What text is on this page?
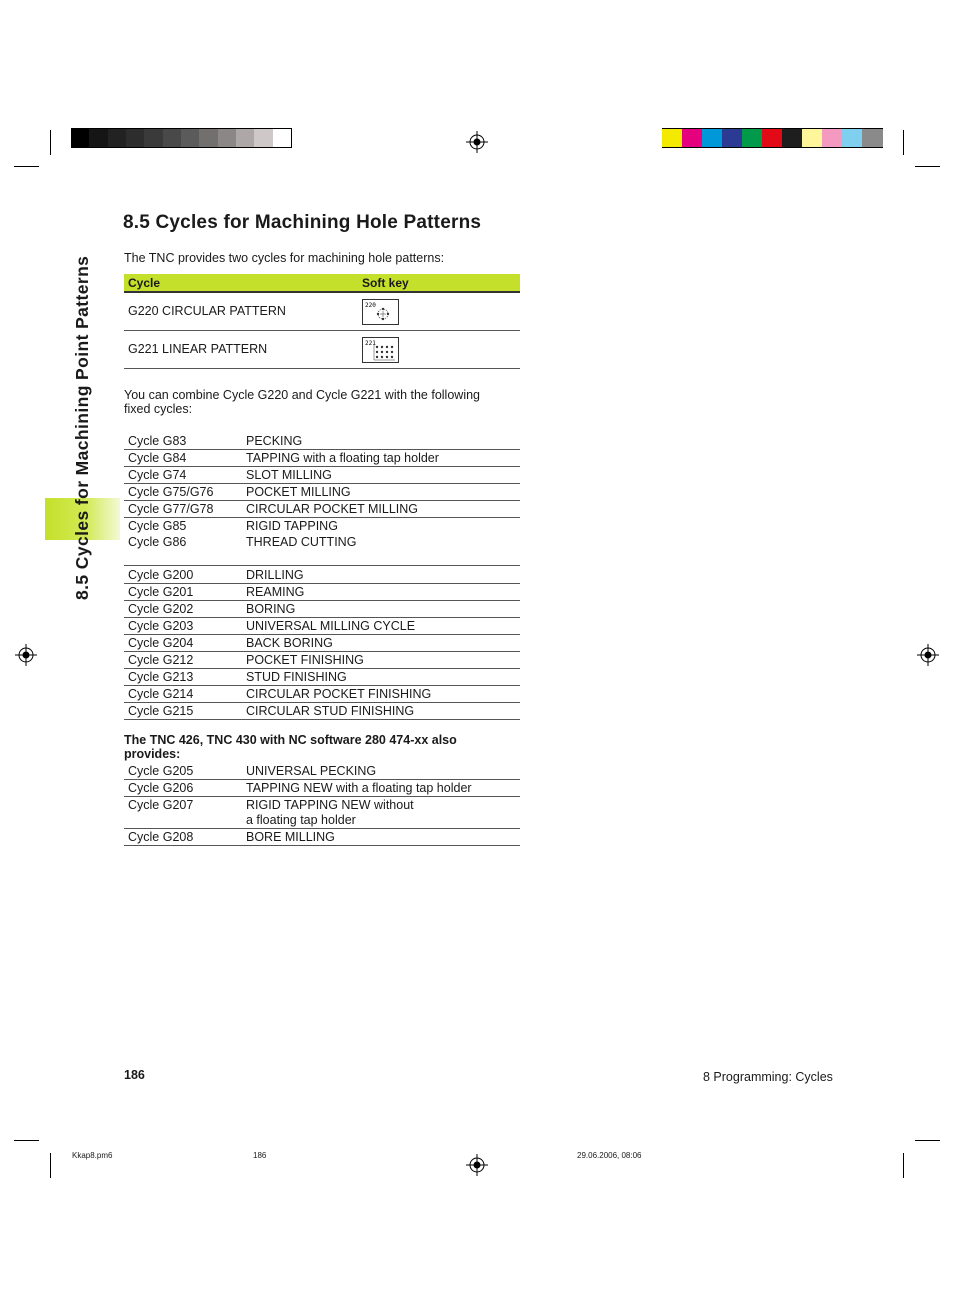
8.5 Cycles for Machining Point Patterns
8.5 Cycles for Machining Hole Patterns

The TNC provides two cycles for machining hole patterns:

Cycle	Soft key
G220 CIRCULAR PATTERN	220
G221 LINEAR PATTERN	221

You can combine Cycle G220 and Cycle G221 with the following
fixed cycles:

Cycle G83	PECKING
Cycle G84	TAPPING with a floating tap holder
Cycle G74	SLOT MILLING
Cycle G75/G76	POCKET MILLING
Cycle G77/G78	CIRCULAR POCKET MILLING
Cycle G85	RIGID TAPPING
Cycle G86	THREAD CUTTING
Cycle G200	DRILLING
Cycle G201	REAMING
Cycle G202	BORING
Cycle G203	UNIVERSAL MILLING CYCLE
Cycle G204	BACK BORING
Cycle G212	POCKET FINISHING
Cycle G213	STUD FINISHING
Cycle G214	CIRCULAR POCKET FINISHING
Cycle G215	CIRCULAR STUD FINISHING

The TNC 426, TNC 430 with NC software 280 474-xx also provides:

Cycle G205	UNIVERSAL PECKING
Cycle G206	TAPPING NEW with a floating tap holder
Cycle G207	RIGID TAPPING NEW without
a floating tap holder
Cycle G208	BORE MILLING
186	8 Programming: Cycles
Kkap8.pm6	186	29.06.2006, 08:06
